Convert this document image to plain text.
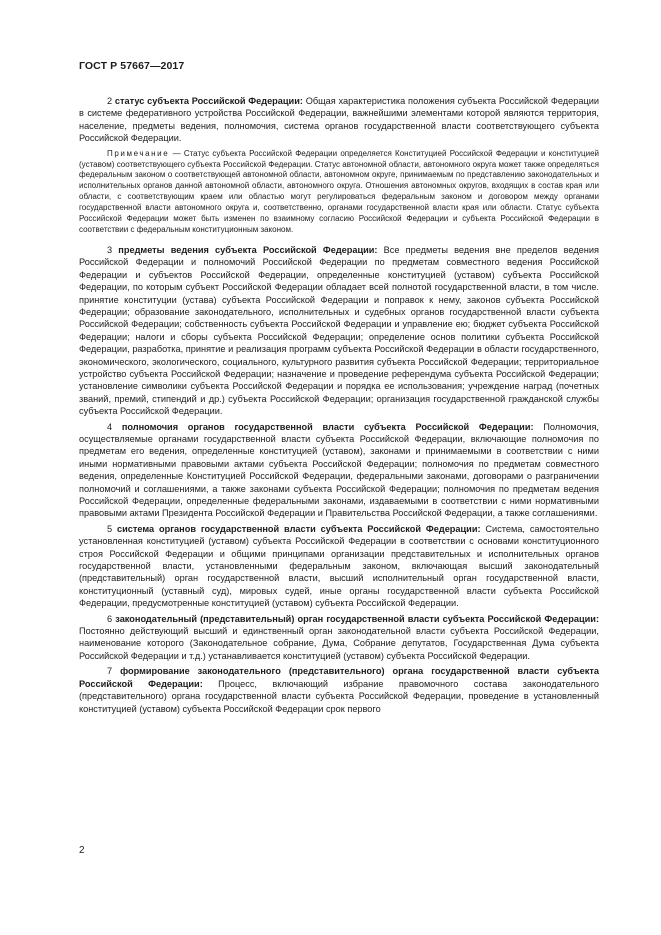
ГОСТ Р 57667—2017

2 статус субъекта Российской Федерации: Общая характеристика положения субъекта Российской Федерации в системе федеративного устройства Российской Федерации, важнейшими элементами которой являются территория, население, предметы ведения, полномочия, система органов государственной власти соответствующего субъекта Российской Федерации.

Примечание — Статус субъекта Российской Федерации определяется Конституцией Российской Федерации и конституцией (уставом) соответствующего субъекта Российской Федерации. Статус автономной области, автономного округа может также определяться федеральным законом о соответствующей автономной области, автономном округе, принимаемым по представлению законодательных и исполнительных органов данной автономной области, автономного округа. Отношения автономных округов, входящих в состав края или области, с соответствующим краем или областью могут регулироваться федеральным законом и договором между органами государственной власти автономного округа и, соответственно, органами государственной власти края или области. Статус субъекта Российской Федерации может быть изменен по взаимному согласию Российской Федерации и субъекта Российской Федерации в соответствии с федеральным конституционным законом.

3 предметы ведения субъекта Российской Федерации: Все предметы ведения вне пределов ведения Российской Федерации и полномочий Российской Федерации по предметам совместного ведения Российской Федерации и субъектов Российской Федерации, определенные конституцией (уставом) субъекта Российской Федерации, по которым субъект Российской Федерации обладает всей полнотой государственной власти, в том числе. принятие конституции (устава) субъекта Российской Федерации и поправок к нему, законов субъекта Российской Федерации; образование законодательного, исполнительных и судебных органов государственной власти субъекта Российской Федерации; собственность субъекта Российской Федерации и управление ею; бюджет субъекта Российской Федерации; налоги и сборы субъекта Российской Федерации; определение основ политики субъекта Российской Федерации, разработка, принятие и реализация программ субъекта Российской Федерации в области государственного, экономического, экологического, социального, культурного развития субъекта Российской Федерации; территориальное устройство субъекта Российской Федерации; назначение и проведение референдума субъекта Российской Федерации; установление символики субъекта Российской Федерации и порядка ее использования; учреждение наград (почетных званий, премий, стипендий и др.) субъекта Российской Федерации; организация государственной гражданской службы субъекта Российской Федерации.

4 полномочия органов государственной власти субъекта Российской Федерации: Полномочия, осуществляемые органами государственной власти субъекта Российской Федерации, включающие полномочия по предметам его ведения, определенные конституцией (уставом), законами и принимаемыми в соответствии с ними иными нормативными правовыми актами субъекта Российской Федерации; полномочия по предметам совместного ведения, определенные Конституцией Российской Федерации, федеральными законами, договорами о разграничении полномочий и соглашениями, а также законами субъекта Российской Федерации; полномочия по предметам ведения Российской Федерации, определенные федеральными законами, издаваемыми в соответствии с ними нормативными правовыми актами Президента Российской Федерации и Правительства Российской Федерации, а также соглашениями.

5 система органов государственной власти субъекта Российской Федерации: Система, самостоятельно установленная конституцией (уставом) субъекта Российской Федерации в соответствии с основами конституционного строя Российской Федерации и общими принципами организации представительных и исполнительных органов государственной власти, установленными федеральным законом, включающая высший законодательный (представительный) орган государственной власти, высший исполнительный орган государственной власти, конституционный (уставный суд), мировых судей, иные органы государственной власти субъекта Российской Федерации, предусмотренные конституцией (уставом) субъекта Российской Федерации.

6 законодательный (представительный) орган государственной власти субъекта Российской Федерации: Постоянно действующий высший и единственный орган законодательной власти субъекта Российской Федерации, наименование которого (Законодательное собрание, Дума, Собрание депутатов, Государственная Дума субъекта Российской Федерации и т.д.) устанавливается конституцией (уставом) субъекта Российской Федерации.

7 формирование законодательного (представительного) органа государственной власти субъекта Российской Федерации: Процесс, включающий избрание правомочного состава законодательного (представительного) органа государственной власти субъекта Российской Федерации, проведение в установленный конституцией (уставом) субъекта Российской Федерации срок первого

2
